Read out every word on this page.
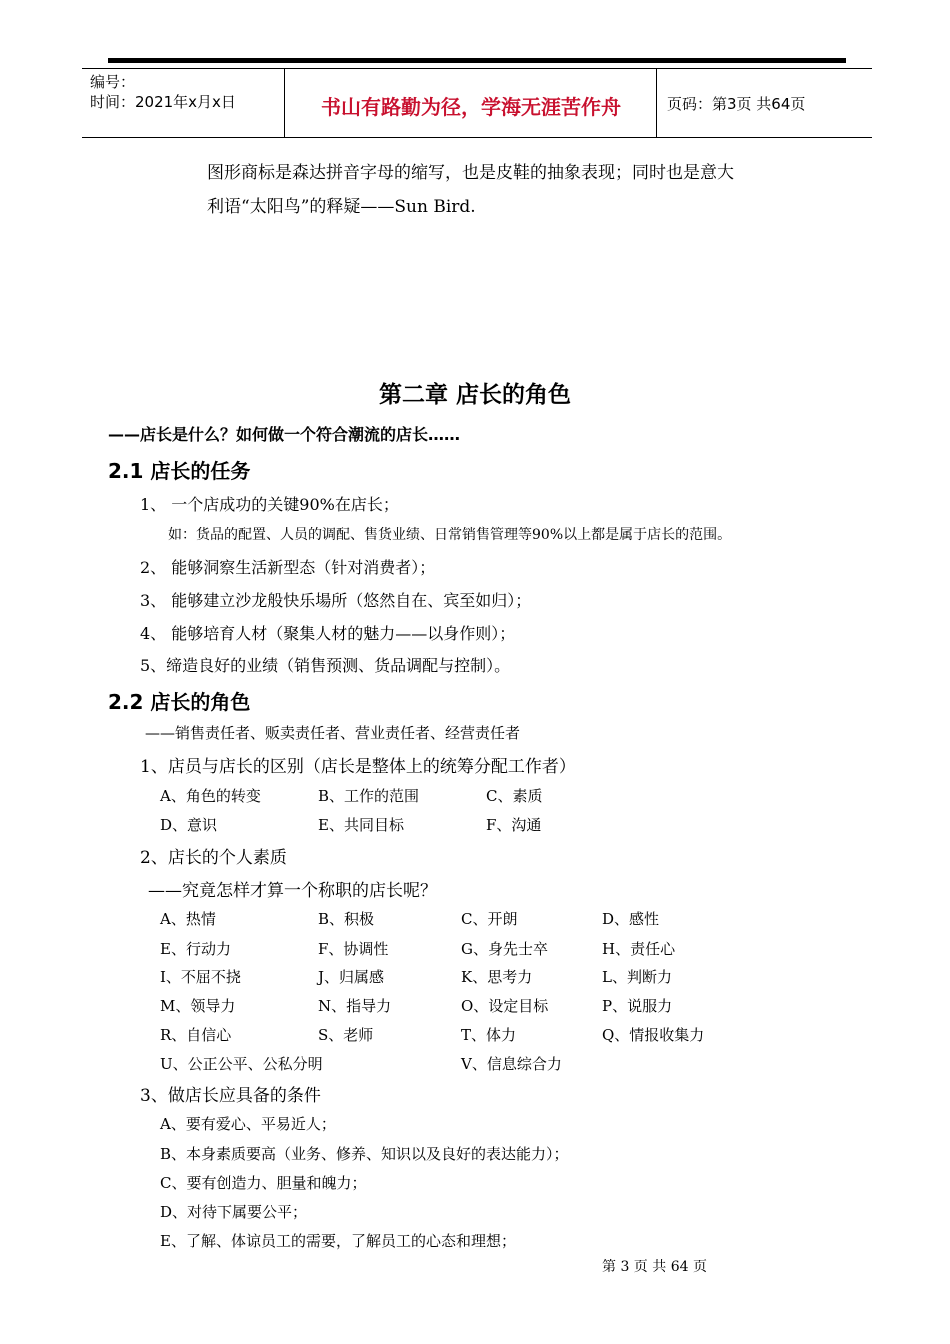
编号：
时间：2021年x月x日	书山有路勤为径，学海无涯苦作舟	页码：第3页 共64页
图形商标是森达拼音字母的缩写，也是皮鞋的抽象表现；同时也是意大
利语“太阳鸟”的释疑——Sun Bird.
第二章 店长的角色
——店长是什么？如何做一个符合潮流的店长……
2.1 店长的任务
1、 一个店成功的关键90%在店长；
如：货品的配置、人员的调配、售货业绩、日常销售管理等90%以上都是属于店长的范围。
2、 能够洞察生活新型态（针对消费者）；
3、 能够建立沙龙般快乐場所（悠然自在、宾至如归）；
4、 能够培育人材（聚集人材的魅力——以身作则）；
5、缔造良好的业绩（销售预测、货品调配与控制）。
2.2 店长的角色
——销售责任者、贩卖责任者、营业责任者、经营责任者
1、店员与店长的区别（店长是整体上的统筹分配工作者）
A、角色的转变	B、工作的范围	C、素质
D、意识	E、共同目标	F、沟通
2、店长的个人素质
——究竟怎样才算一个称职的店长呢？
A、热情	B、积极	C、开朗	D、感性
E、行动力	F、协调性	G、身先士卒	H、责任心
I、不屈不挠	J、归属感	K、思考力	L、判断力
M、领导力	N、指导力	O、设定目标	P、说服力
R、自信心	S、老师	T、体力	Q、情报收集力
U、公正公平、公私分明	V、信息综合力
3、做店长应具备的条件
A、要有爱心、平易近人；
B、本身素质要高（业务、修养、知识以及良好的表达能力）；
C、要有创造力、胆量和魄力；
D、对待下属要公平；
E、了解、体谅员工的需要，了解员工的心态和理想；
第 3 页 共 64 页
